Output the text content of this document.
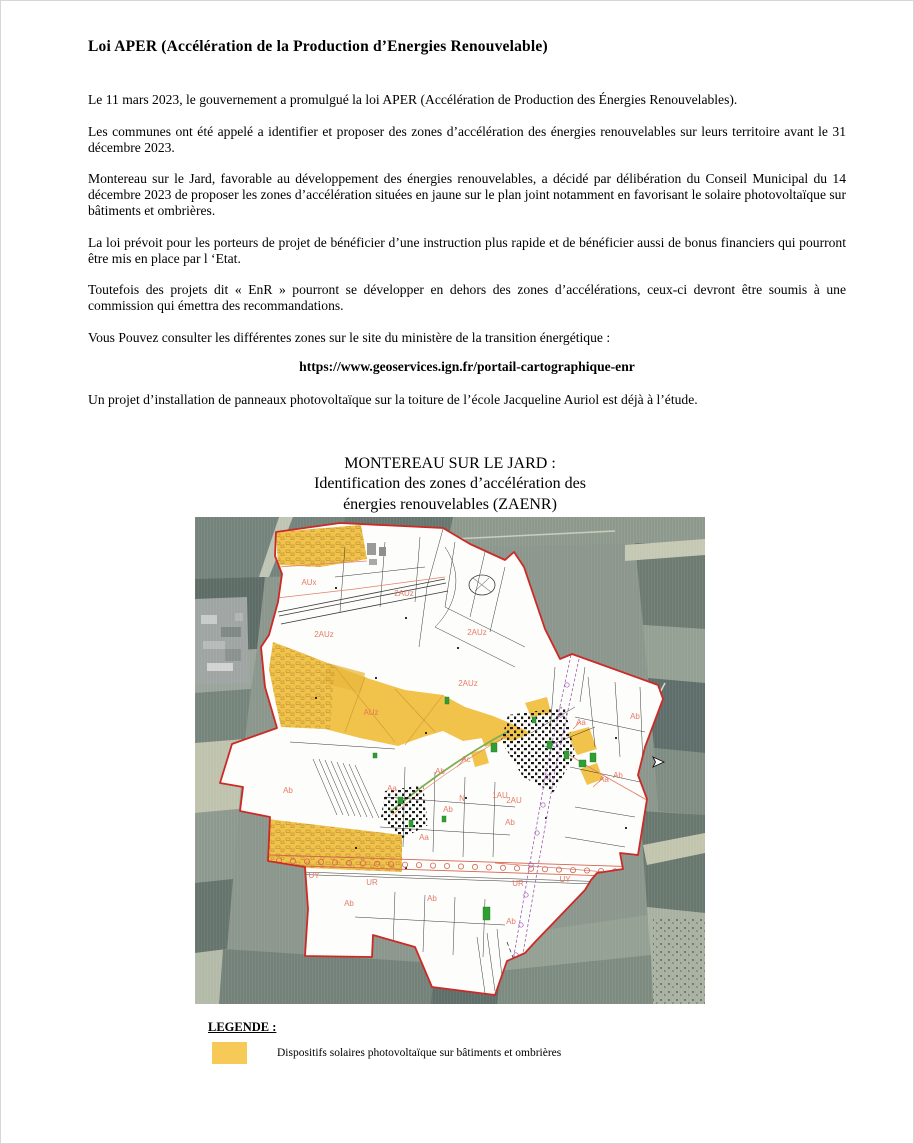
Loi APER (Accélération de la Production d’Energies Renouvelable)

Le 11 mars 2023, le gouvernement a promulgué la loi APER (Accélération de Production des Énergies Renouvelables).

Les communes ont été appelé a identifier et proposer des zones d’accélération des énergies renouvelables sur leurs territoire avant le 31 décembre 2023.

Montereau sur le Jard, favorable au développement des énergies renouvelables, a décidé par délibération du Conseil Municipal du 14 décembre 2023 de proposer les zones d’accélération situées en jaune sur le plan joint notamment en favorisant le solaire photovoltaïque sur bâtiments et ombrières.

La loi prévoit pour les porteurs de projet de bénéficier d’une instruction plus rapide et de bénéficier aussi de bonus financiers qui pourront être mis en place par l ‘Etat.

Toutefois des projets dit « EnR » pourront se développer en dehors des zones d’accélérations, ceux-ci devront être soumis à une commission qui émettra des recommandations.

Vous Pouvez consulter les différentes zones sur le site du ministère de la transition énergétique :

https://www.geoservices.ign.fr/portail-cartographique-enr

Un projet d’installation de panneaux photovoltaïque sur la toiture de l’école Jacqueline Auriol est déjà à l’étude.

MONTEREAU SUR LE JARD :
Identification des zones d’accélération des
énergies renouvelables (ZAENR)
AUx
2AUz
2AUz	2AUz
2AUz
AUz	Ab
Aa
Ab
Aa
Ac
Ab
Aa
Ab
N	1AU
2AU
Ab
Ab
Aa
UY
UR
Ab
Ab
UR	UY
Ab
LEGENDE :
Dispositifs solaires photovoltaïque sur bâtiments et ombrières
